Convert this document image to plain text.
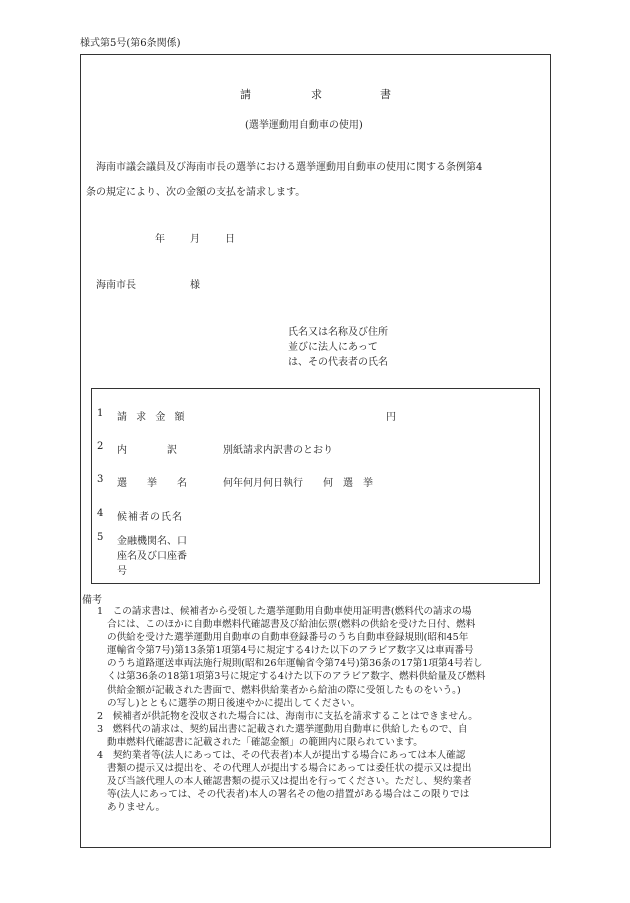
様式第5号(第6条関係)
請	求	書
(選挙運動用自動車の使用)
海南市議会議員及び海南市長の選挙における選挙運動用自動車の使用に関する条例第4
条の規定により、次の金額の支払を請求します。
年	月	日
海南市長	様
氏名又は名称及び住所
並びに法人にあって
は、その代表者の氏名
1 請 求 金 額	円
2 内　　　　訳	別紙請求内訳書のとおり
3 選　　挙　　名	何年何月何日執行　　何　選　挙
4 候補者の氏名
5 金融機関名、口
座名及び口座番
号
備考
1　この請求書は、候補者から受領した選挙運動用自動車使用証明書(燃料代の請求の場
合には、このほかに自動車燃料代確認書及び給油伝票(燃料の供給を受けた日付、燃料
の供給を受けた選挙運動用自動車の自動車登録番号のうち自動車登録規則(昭和45年
運輸省令第7号)第13条第1項第4号に規定する4けた以下のアラビア数字又は車両番号
のうち道路運送車両法施行規則(昭和26年運輸省令第74号)第36条の17第1項第4号若し
くは第36条の18第1項第3号に規定する4けた以下のアラビア数字、燃料供給量及び燃料
供給金額が記載された書面で、燃料供給業者から給油の際に受領したものをいう。)
の写し)とともに選挙の期日後速やかに提出してください。
2　候補者が供託物を没収された場合には、海南市に支払を請求することはできません。
3　燃料代の請求は、契約届出書に記載された選挙運動用自動車に供給したもので、自
動車燃料代確認書に記載された「確認金額」の範囲内に限られています。
4　契約業者等(法人にあっては、その代表者)本人が提出する場合にあっては本人確認
書類の提示又は提出を、その代理人が提出する場合にあっては委任状の提示又は提出
及び当該代理人の本人確認書類の提示又は提出を行ってください。ただし、契約業者
等(法人にあっては、その代表者)本人の署名その他の措置がある場合はこの限りでは
ありません。
